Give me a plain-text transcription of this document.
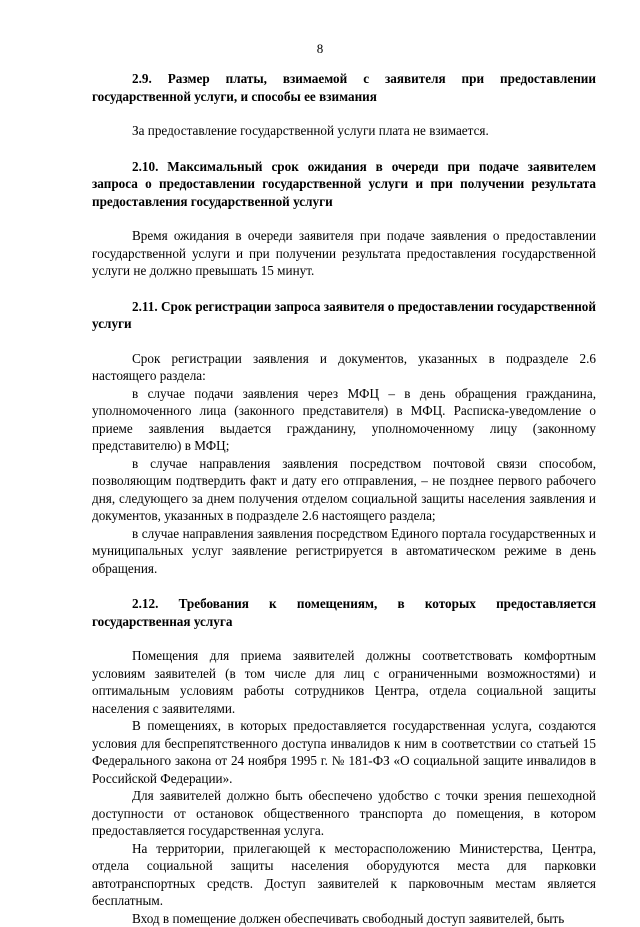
8

2.9. Размер платы, взимаемой с заявителя при предоставлении государственной услуги, и способы ее взимания

За предоставление государственной услуги плата не взимается.

2.10. Максимальный срок ожидания в очереди при подаче заявителем запроса о предоставлении государственной услуги и при получении результата предоставления государственной услуги

Время ожидания в очереди заявителя при подаче заявления о предоставлении государственной услуги и при получении результата предоставления государственной услуги не должно превышать 15 минут.

2.11. Срок регистрации запроса заявителя о предоставлении государственной услуги

Срок регистрации заявления и документов, указанных в подразделе 2.6 настоящего раздела:

в случае подачи заявления через МФЦ – в день обращения гражданина, уполномоченного лица (законного представителя) в МФЦ. Расписка-уведомление о приеме заявления выдается гражданину, уполномоченному лицу (законному представителю) в МФЦ;

в случае направления заявления посредством почтовой связи способом, позволяющим подтвердить факт и дату его отправления, – не позднее первого рабочего дня, следующего за днем получения отделом социальной защиты населения заявления и документов, указанных в подразделе 2.6 настоящего раздела;

в случае направления заявления посредством Единого портала государственных и муниципальных услуг заявление регистрируется в автоматическом режиме в день обращения.

2.12. Требования к помещениям, в которых предоставляется государственная услуга

Помещения для приема заявителей должны соответствовать комфортным условиям заявителей (в том числе для лиц с ограниченными возможностями) и оптимальным условиям работы сотрудников Центра, отдела социальной защиты населения с заявителями.

В помещениях, в которых предоставляется государственная услуга, создаются условия для беспрепятственного доступа инвалидов к ним в соответствии со статьей 15 Федерального закона от 24 ноября 1995 г. № 181-ФЗ «О социальной защите инвалидов в Российской Федерации».

Для заявителей должно быть обеспечено удобство с точки зрения пешеходной доступности от остановок общественного транспорта до помещения, в котором предоставляется государственная услуга.

На территории, прилегающей к месторасположению Министерства, Центра, отдела социальной защиты населения оборудуются места для парковки автотранспортных средств. Доступ заявителей к парковочным местам является бесплатным.

Вход в помещение должен обеспечивать свободный доступ заявителей, быть
